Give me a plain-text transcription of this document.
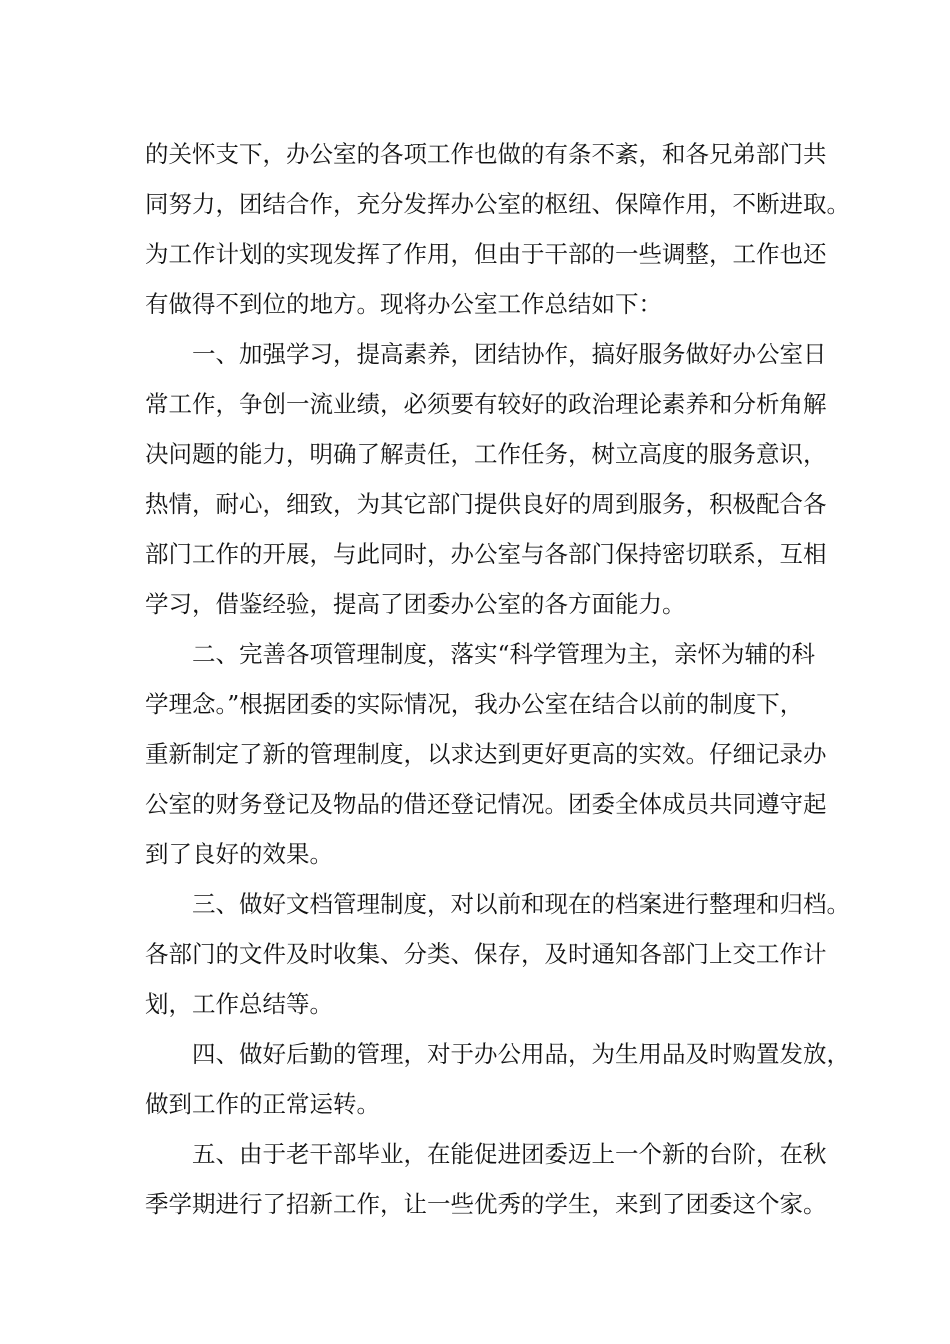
的关怀支下，办公室的各项工作也做的有条不紊，和各兄弟部门共
同努力，团结合作，充分发挥办公室的枢纽、保障作用，不断进取。
为工作计划的实现发挥了作用，但由于干部的一些调整，工作也还
有做得不到位的地方。现将办公室工作总结如下：
一、加强学习，提高素养，团结协作，搞好服务做好办公室日
常工作，争创一流业绩，必须要有较好的政治理论素养和分析角解
决问题的能力，明确了解责任，工作任务，树立高度的服务意识，
热情，耐心，细致，为其它部门提供良好的周到服务，积极配合各
部门工作的开展，与此同时，办公室与各部门保持密切联系，互相
学习，借鉴经验，提高了团委办公室的各方面能力。
二、完善各项管理制度，落实“科学管理为主，亲怀为辅的科
学理念。”根据团委的实际情况，我办公室在结合以前的制度下，
重新制定了新的管理制度，以求达到更好更高的实效。仔细记录办
公室的财务登记及物品的借还登记情况。团委全体成员共同遵守起
到了良好的效果。
三、做好文档管理制度，对以前和现在的档案进行整理和归档。
各部门的文件及时收集、分类、保存，及时通知各部门上交工作计
划，工作总结等。
四、做好后勤的管理，对于办公用品，为生用品及时购置发放，
做到工作的正常运转。
五、由于老干部毕业，在能促进团委迈上一个新的台阶，在秋
季学期进行了招新工作，让一些优秀的学生，来到了团委这个家。
